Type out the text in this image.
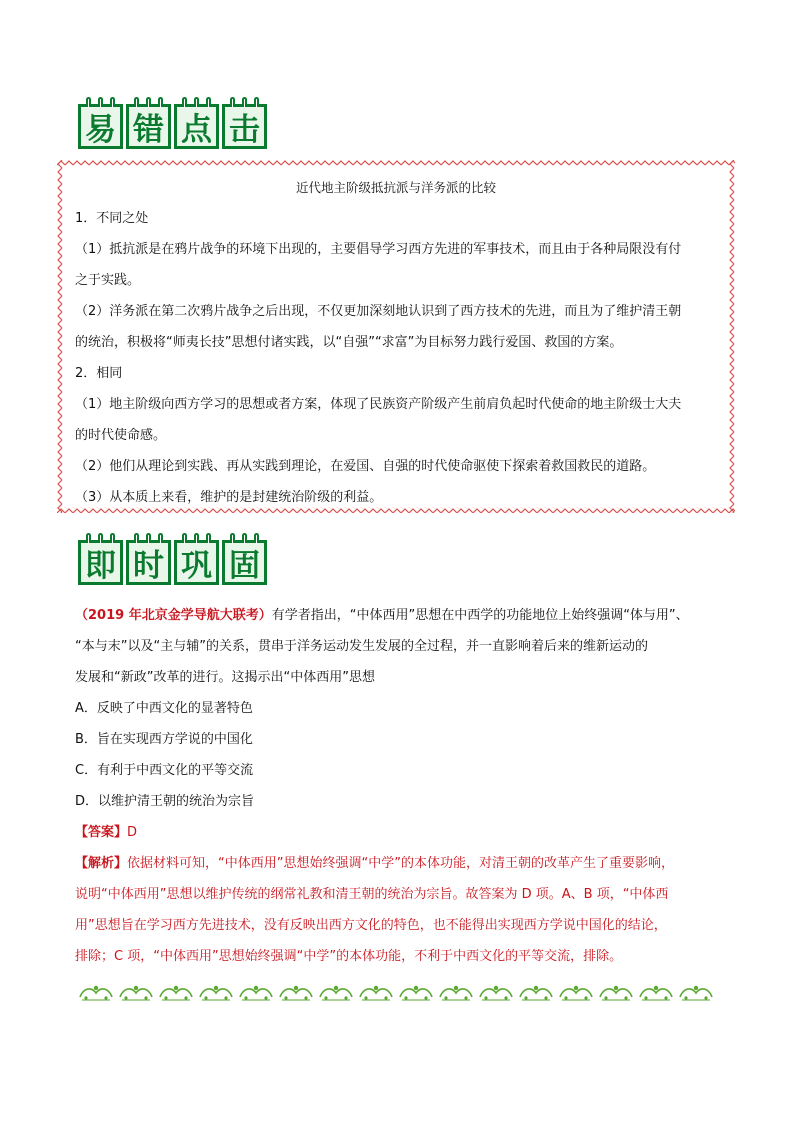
易 错 点 击

近代地主阶级抵抗派与洋务派的比较

1．不同之处

（1）抵抗派是在鸦片战争的环境下出现的，主要倡导学习西方先进的军事技术，而且由于各种局限没有付

之于实践。

（2）洋务派在第二次鸦片战争之后出现，不仅更加深刻地认识到了西方技术的先进，而且为了维护清王朝

的统治，积极将“师夷长技”思想付诸实践，以“自强”“求富”为目标努力践行爱国、救国的方案。

2．相同

（1）地主阶级向西方学习的思想或者方案，体现了民族资产阶级产生前肩负起时代使命的地主阶级士大夫

的时代使命感。

（2）他们从理论到实践、再从实践到理论，在爱国、自强的时代使命驱使下探索着救国救民的道路。

（3）从本质上来看，维护的是封建统治阶级的利益。

即 时 巩 固

（2019 年北京金学导航大联考）有学者指出，“中体西用”思想在中西学的功能地位上始终强调“体与用”、

“本与末”以及“主与辅”的关系，贯串于洋务运动发生发展的全过程，并一直影响着后来的维新运动的

发展和“新政”改革的进行。这揭示出“中体西用”思想

A．反映了中西文化的显著特色

B．旨在实现西方学说的中国化

C．有利于中西文化的平等交流

D．以维护清王朝的统治为宗旨

【答案】D

【解析】依据材料可知，“中体西用”思想始终强调“中学”的本体功能，对清王朝的改革产生了重要影响，

说明“中体西用”思想以维护传统的纲常礼教和清王朝的统治为宗旨。故答案为 D 项。A、B 项，“中体西

用”思想旨在学习西方先进技术，没有反映出西方文化的特色，也不能得出实现西方学说中国化的结论，

排除；C 项，“中体西用”思想始终强调“中学”的本体功能，不利于中西文化的平等交流，排除。
